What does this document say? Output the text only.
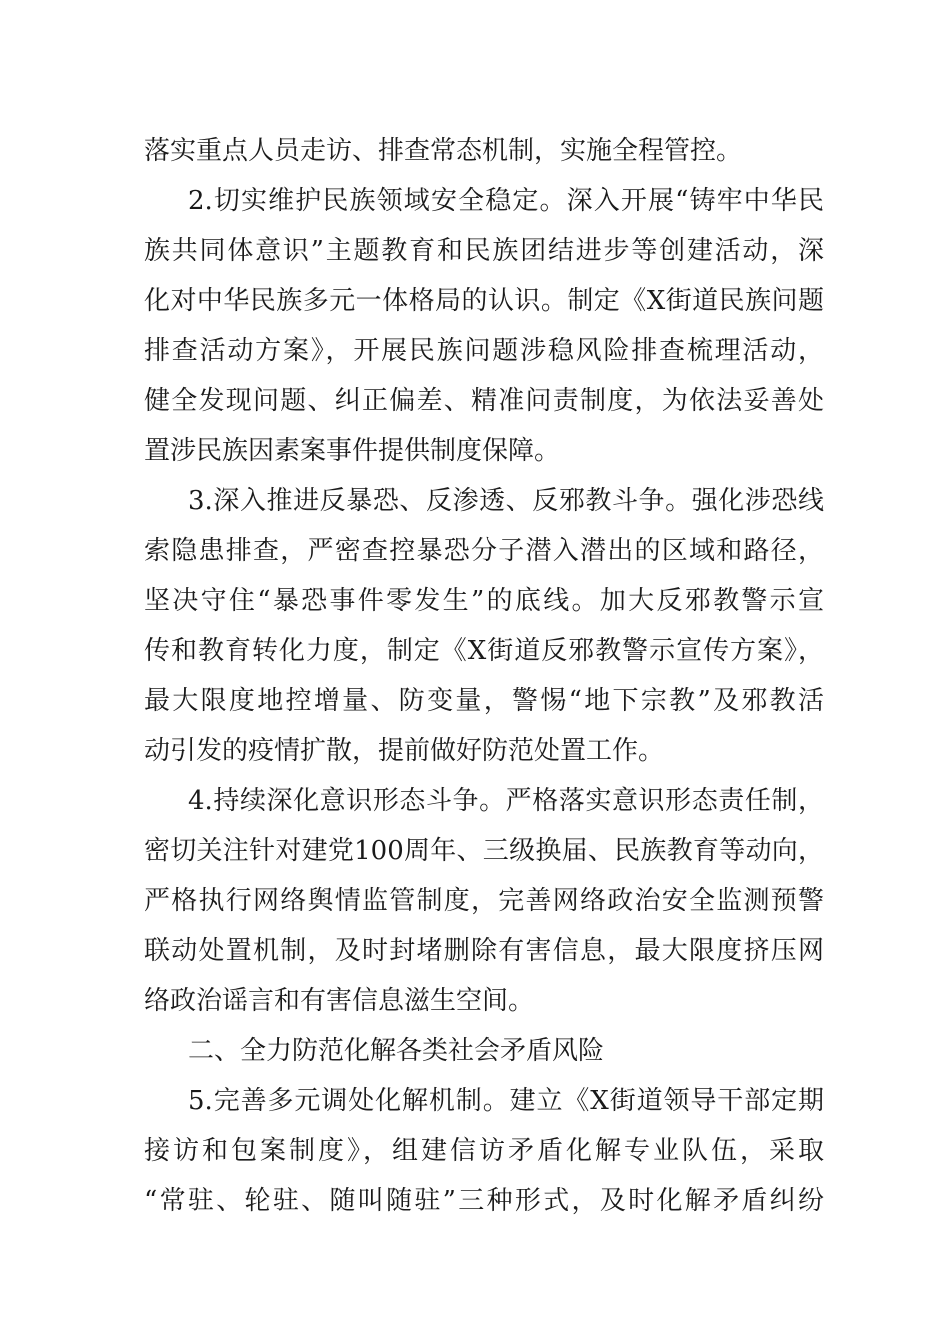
落实重点人员走访、排查常态机制，实施全程管控。
2.切实维护民族领域安全稳定。深入开展“铸牢中华民
族共同体意识”主题教育和民族团结进步等创建活动，深
化对中华民族多元一体格局的认识。制定《X街道民族问题
排查活动方案》，开展民族问题涉稳风险排查梳理活动，
健全发现问题、纠正偏差、精准问责制度，为依法妥善处
置涉民族因素案事件提供制度保障。
3.深入推进反暴恐、反渗透、反邪教斗争。强化涉恐线
索隐患排查，严密查控暴恐分子潜入潜出的区域和路径，
坚决守住“暴恐事件零发生”的底线。加大反邪教警示宣
传和教育转化力度，制定《X街道反邪教警示宣传方案》，
最大限度地控增量、防变量，警惕“地下宗教”及邪教活
动引发的疫情扩散，提前做好防范处置工作。
4.持续深化意识形态斗争。严格落实意识形态责任制，
密切关注针对建党100周年、三级换届、民族教育等动向，
严格执行网络舆情监管制度，完善网络政治安全监测预警
联动处置机制，及时封堵删除有害信息，最大限度挤压网
络政治谣言和有害信息滋生空间。
二、全力防范化解各类社会矛盾风险
5.完善多元调处化解机制。建立《X街道领导干部定期
接访和包案制度》，组建信访矛盾化解专业队伍，采取
“常驻、轮驻、随叫随驻”三种形式，及时化解矛盾纠纷
